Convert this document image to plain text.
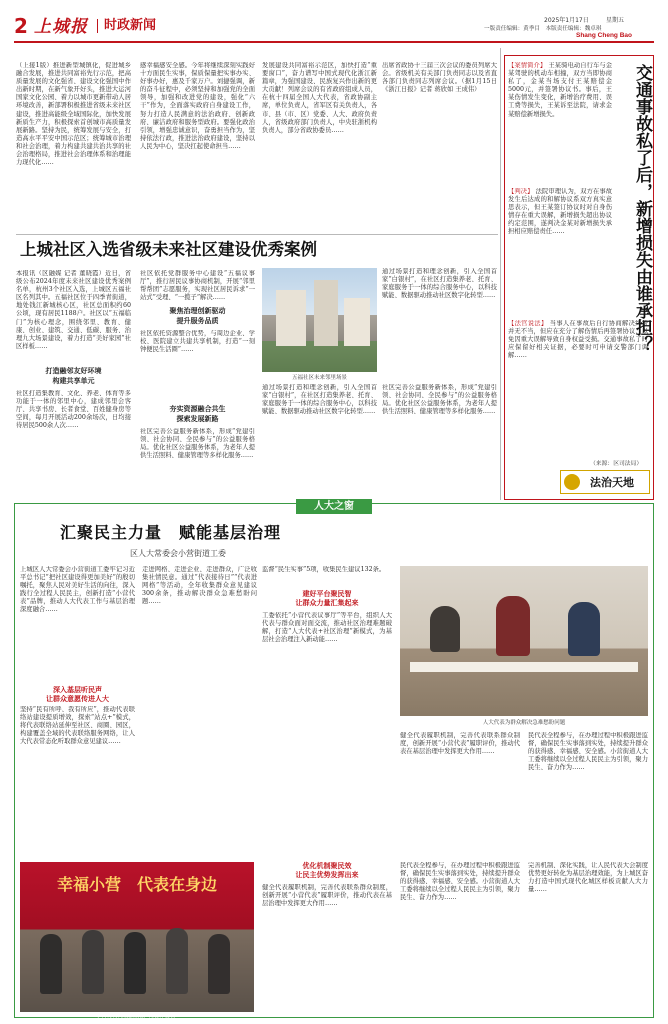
2 上城报 时政新闻	2025年1月17日	星期五
一版责任编辑：黄季目　本版责任编辑：魏卓琪
Shang Cheng Bao
（上接1版）推进新型城镇化，促进城乡融合发展，推进共同富裕先行示范，把高质量发展的文化强省、建设文化强国中作出新时期，在新气象开好头，推进大运河国家文化公园、着力以城市更新带动人居环境改善，新部署积极推进省级未来社区建设，推进高能级全域国际化，加快发展新质生产力，积极探索首创城市高质量发展新路。坚持为民，统筹发展与安全，打造高水平平安中国示范区；统筹城市治理和社会治理，着力构建共建共治共享的社会治理格局，推进社会治理体系和治理能力现代化……
感幸福感安全感。今年将继续深刻实践好十方面民生实事，保质保量把实事办实、好事办好，惠及千家万户。刘捷强调，新的奋斗征程中，必须坚持和加强党的全面领导，加强和改进党的建设，强化“六干”作为，全面落实政府自身建设工作，努力打造人民满意的法治政府、创新政府、廉洁政府和服务型政府。要强化政治引领，增强忠诚意识，奋勇担当作为，坚持依法行政，推进法治政府建设，坚持以人民为中心，坚决扛起使命担当……
发展建设共同富裕示范区，加快打造“重要窗口”，奋力谱写中国式现代化浙江新篇章，为强国建设、民族复兴作出新的更大贡献！列席会议的有省政府组成人员，在杭十四届全国人大代表，省政协副主席，单位负责人，省军区有关负责人，各市、县（市、区）党委、人大、政府负责人，省级政府部门负责人，中央驻浙机构负责人，部分省政协委员……
出席省政协十三届三次会议的委员列席大会。省级机关有关部门负责同志以及省直各部门负责同志列席会议。（据1月15日《浙江日报》记者 蒋欣如 王成伟）	交通事故私了后，新增损失由谁承担？
【案情简介】 王某骑电动自行车与金某驾驶的机动车相撞，双方当即协商私了，金某当场支付王某赔偿金5000元，并签署协议书。事后，王某伤情发生变化，新增治疗费用、误工费等损失，王某诉至法院，请求金某赔偿新增损失。
【判决】 法院审理认为，双方在事故发生后达成的和解协议系双方真实意思表示，但王某签订协议时对自身伤情存在重大误解，新增损失超出协议约定范围，遂判决金某对新增损失承担相应赔偿责任……
【法官说法】 当事人在事故后自行协商解决纠纷并无不当，但应在充分了解伤情后再签署协议，以免因重大误解导致自身权益受损。交通事故私了时应保留好相关证据，必要时可申请交警部门调解……
（来源：区司法局）
法治天地
上城社区入选省级未来社区建设优秀案例
本报讯（区融媒 记者 董晓霞）近日，省级公布2024年度未来社区建设优秀案例名单，杭州3个社区入选，上城区五福社区名列其中。五福社区位于四季青街道，地处钱江新城核心区，社区总面积约60公顷，现有居民1188户。社区以“五福临门”为核心理念，围绕邻里、教育、健康、创业、建筑、交通、低碳、服务、治理九大场景建设，着力打造“美好家园”社区样板……
打造融邻友好环境
构建共享单元
社区打造集教育、文化、养老、体育等多功能于一体的邻里中心，建成邻里会客厅、共享书房、长者食堂、百姓健身房等空间，每月开展活动200余场次，日均接待居民500余人次……
社区依托党群服务中心建设“五福议事厅”，推行居民议事协商机制，开展“邻里帮帮团”志愿服务，实现社区居民诉求“一站式”受理、“一揽子”解决……
聚焦治理创新驱动
提升服务品质
社区依托资源整合优势，与周边企业、学校、医院建立共建共享机制，打造“一刻钟便民生活圈”……
夯实资源融合共生
探索发展新路
社区完善公益服务新体系，形成“党建引领、社会协同、全民参与”的公益服务格局。优化社区公益服务体系，为老年人提供生活照料、健康管理等多样化服务……
五福社区未来邻里场景
通过场景打造和理念创新，引入全国首家“白银村”，在社区打造集养老、托育、家庭服务于一体的综合服务中心，以科技赋能、数据驱动推动社区数字化转型……
社区完善公益服务新体系，形成“党建引领、社会协同、全民参与”的公益服务格局。优化社区公益服务体系，为老年人提供生活照料、健康管理等多样化服务……
通过场景打造和理念创新，引入全国首家“白银村”，在社区打造集养老、托育、家庭服务于一体的综合服务中心，以科技赋能、数据驱动推动社区数字化转型……
人大之窗
汇聚民主力量　赋能基层治理
区人大常委会小营街道工委
上城区人大常委会小营街道工委牢记习近平总书记“把社区建设得更加美好”的殷切嘱托，聚焦人民对美好生活的向往，深入践行全过程人民民主，创新打造“小营代表”品牌，推动人大代表工作与基层治理深度融合……
深入基层听民声
让群众意愿传进人大
坚持“民有所呼、我有所应”，推动代表联络站建设提质增效，探索“站点+”模式，将代表联络站延伸至社区、商圈、园区，构建覆盖全域的代表联络服务网络，让人大代表常态化听取群众意见建议……
走进网格、走进企业、走进群众，广泛收集社情民意。通过“代表接待日”“代表进网格”等活动，全年收集群众意见建议300余条，推动解决群众急难愁盼问题……
监督“民生实事”5项，收集民生建议132条。
建好平台聚民智
让群众力量汇集起来
工委依托“小营代表议事厅”等平台，组织人大代表与群众面对面交流，推动社区治理难题破解，打造“人大代表+社区治理”新模式，为基层社会治理注入新动能……
人大代表为群众解决急难愁盼问题
健全代表履职机制，完善代表联系群众制度，创新开展“小营代表”履职评价，推动代表在基层治理中发挥更大作用……
民代表全程参与，在办理过程中积极跟进监督，确保民生实事落到实处，持续提升群众的获得感、幸福感、安全感。小营街道人大工委将继续以全过程人民民主为引领，聚力民生、奋力作为……
幸福小营　代表在身边
小营人大代表联络站“代表开放日”
优化机制聚民效
让民主优势发挥出来
健全代表履职机制，完善代表联系群众制度，创新开展“小营代表”履职评价，推动代表在基层治理中发挥更大作用……
民代表全程参与，在办理过程中积极跟进监督，确保民生实事落到实处，持续提升群众的获得感、幸福感、安全感。小营街道人大工委将继续以全过程人民民主为引领，聚力民生、奋力作为……
完善机制、深化实践，让人民代表大会制度优势更好转化为基层治理效能，为上城区奋力打造中国式现代化城区样板贡献人大力量……
